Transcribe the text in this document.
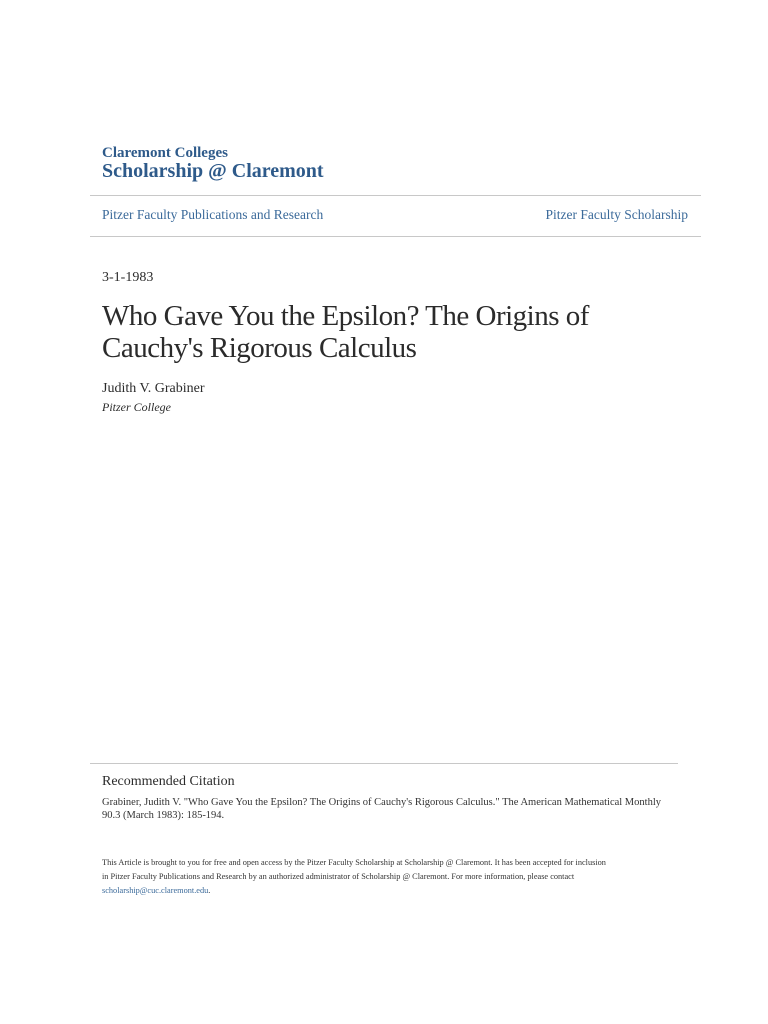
Claremont Colleges
Scholarship @ Claremont
Pitzer Faculty Publications and Research	Pitzer Faculty Scholarship
3-1-1983
Who Gave You the Epsilon? The Origins of
Cauchy's Rigorous Calculus
Judith V. Grabiner
Pitzer College
Recommended Citation
Grabiner, Judith V. "Who Gave You the Epsilon? The Origins of Cauchy's Rigorous Calculus." The American Mathematical Monthly
90.3 (March 1983): 185-194.
This Article is brought to you for free and open access by the Pitzer Faculty Scholarship at Scholarship @ Claremont. It has been accepted for inclusion
in Pitzer Faculty Publications and Research by an authorized administrator of Scholarship @ Claremont. For more information, please contact
scholarship@cuc.claremont.edu.
